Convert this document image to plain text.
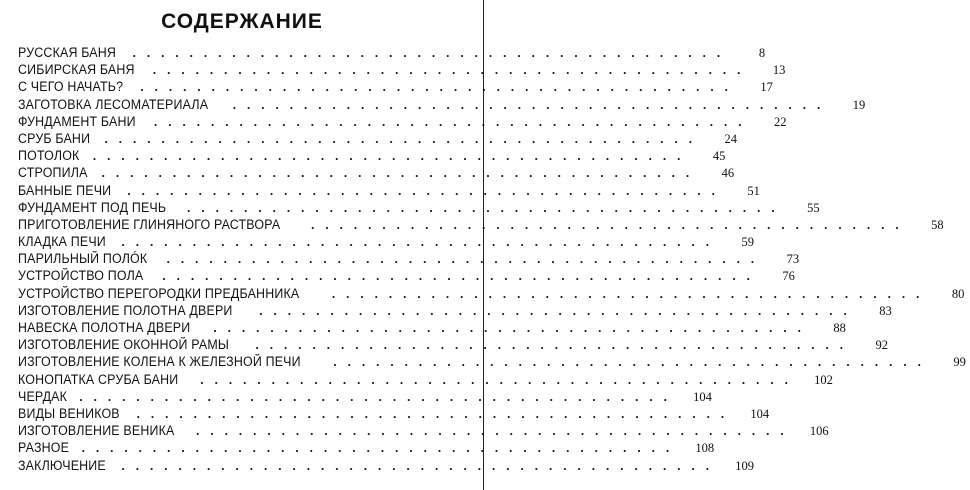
СОДЕРЖАНИЕ
РУССКАЯ БАНЯ	..........................................	8
СИБИРСКАЯ БАНЯ	..........................................	13
С ЧЕГО НАЧАТЬ?	..........................................	17
ЗАГОТОВКА ЛЕСОМАТЕРИАЛА	..........................................	19
ФУНДАМЕНТ БАНИ	..........................................	22
СРУБ БАНИ	..........................................	24
ПОТОЛОК	..........................................	45
СТРОПИЛА	..........................................	46
БАННЫЕ ПЕЧИ	..........................................	51
ФУНДАМЕНТ ПОД ПЕЧЬ	..........................................	55
ПРИГОТОВЛЕНИЕ ГЛИНЯНОГО РАСТВОРА	..........................................	58
КЛАДКА ПЕЧИ	..........................................	59
ПАРИЛЬНЫЙ ПОЛÓК	..........................................	73
УСТРОЙСТВО ПОЛА	..........................................	76
УСТРОЙСТВО ПЕРЕГОРОДКИ ПРЕДБАННИКА	..........................................	80
ИЗГОТОВЛЕНИЕ ПОЛОТНА ДВЕРИ	..........................................	83
НАВЕСКА ПОЛОТНА ДВЕРИ	..........................................	88
ИЗГОТОВЛЕНИЕ ОКОННОЙ РАМЫ	..........................................	92
ИЗГОТОВЛЕНИЕ КОЛЕНА К ЖЕЛЕЗНОЙ ПЕЧИ	..........................................	99
КОНОПАТКА СРУБА БАНИ	..........................................	102
ЧЕРДАК ..........................................	104
ВИДЫ ВЕНИКОВ	..........................................	104
ИЗГОТОВЛЕНИЕ ВЕНИКА	..........................................	106
РАЗНОЕ ..........................................	108
ЗАКЛЮЧЕНИЕ	..........................................	109
